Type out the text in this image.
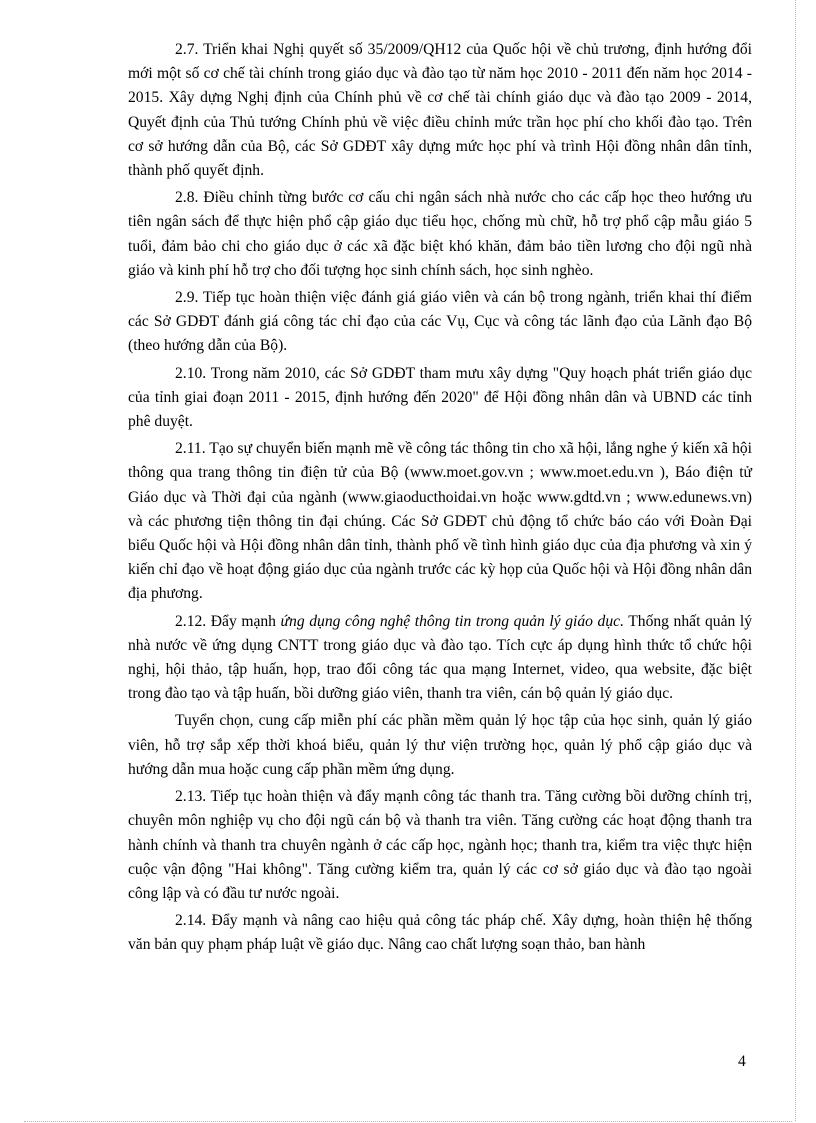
2.7. Triển khai Nghị quyết số 35/2009/QH12 của Quốc hội về chủ trương, định hướng đổi mới một số cơ chế tài chính trong giáo dục và đào tạo từ năm học 2010 - 2011 đến năm học 2014 - 2015. Xây dựng Nghị định của Chính phủ về cơ chế tài chính giáo dục và đào tạo 2009 - 2014, Quyết định của Thủ tướng Chính phủ về việc điều chỉnh mức trần học phí cho khối đào tạo. Trên cơ sở hướng dẫn của Bộ, các Sở GDĐT xây dựng mức học phí và trình Hội đồng nhân dân tỉnh, thành phố quyết định.

2.8. Điều chỉnh từng bước cơ cấu chi ngân sách nhà nước cho các cấp học theo hướng ưu tiên ngân sách để thực hiện phổ cập giáo dục tiểu học, chống mù chữ, hỗ trợ phổ cập mẫu giáo 5 tuổi, đảm bảo chi cho giáo dục ở các xã đặc biệt khó khăn, đảm bảo tiền lương cho đội ngũ nhà giáo và kinh phí hỗ trợ cho đối tượng học sinh chính sách, học sinh nghèo.

2.9. Tiếp tục hoàn thiện việc đánh giá giáo viên và cán bộ trong ngành, triển khai thí điểm các Sở GDĐT đánh giá công tác chỉ đạo của các Vụ, Cục và công tác lãnh đạo của Lãnh đạo Bộ (theo hướng dẫn của Bộ).

2.10. Trong năm 2010, các Sở GDĐT tham mưu xây dựng "Quy hoạch phát triển giáo dục của tỉnh giai đoạn 2011 - 2015, định hướng đến 2020" để Hội đồng nhân dân và UBND các tỉnh phê duyệt.

2.11. Tạo sự chuyển biến mạnh mẽ về công tác thông tin cho xã hội, lắng nghe ý kiến xã hội thông qua trang thông tin điện tử của Bộ (www.moet.gov.vn ; www.moet.edu.vn ), Báo điện tử Giáo dục và Thời đại của ngành (www.giaoducthoidai.vn hoặc www.gdtd.vn ; www.edunews.vn) và các phương tiện thông tin đại chúng. Các Sở GDĐT chủ động tổ chức báo cáo với Đoàn Đại biểu Quốc hội và Hội đồng nhân dân tỉnh, thành phố về tình hình giáo dục của địa phương và xin ý kiến chỉ đạo về hoạt động giáo dục của ngành trước các kỳ họp của Quốc hội và Hội đồng nhân dân địa phương.

2.12. Đẩy mạnh ứng dụng công nghệ thông tin trong quản lý giáo dục. Thống nhất quản lý nhà nước về ứng dụng CNTT trong giáo dục và đào tạo. Tích cực áp dụng hình thức tổ chức hội nghị, hội thảo, tập huấn, họp, trao đổi công tác qua mạng Internet, video, qua website, đặc biệt trong đào tạo và tập huấn, bồi dưỡng giáo viên, thanh tra viên, cán bộ quản lý giáo dục.

Tuyển chọn, cung cấp miễn phí các phần mềm quản lý học tập của học sinh, quản lý giáo viên, hỗ trợ sắp xếp thời khoá biểu, quản lý thư viện trường học, quản lý phổ cập giáo dục và hướng dẫn mua hoặc cung cấp phần mềm ứng dụng.

2.13. Tiếp tục hoàn thiện và đẩy mạnh công tác thanh tra. Tăng cường bồi dưỡng chính trị, chuyên môn nghiệp vụ cho đội ngũ cán bộ và thanh tra viên. Tăng cường các hoạt động thanh tra hành chính và thanh tra chuyên ngành ở các cấp học, ngành học; thanh tra, kiểm tra việc thực hiện cuộc vận động "Hai không". Tăng cường kiểm tra, quản lý các cơ sở giáo dục và đào tạo ngoài công lập và có đầu tư nước ngoài.

2.14. Đẩy mạnh và nâng cao hiệu quả công tác pháp chế. Xây dựng, hoàn thiện hệ thống văn bản quy phạm pháp luật về giáo dục. Nâng cao chất lượng soạn thảo, ban hành

4
